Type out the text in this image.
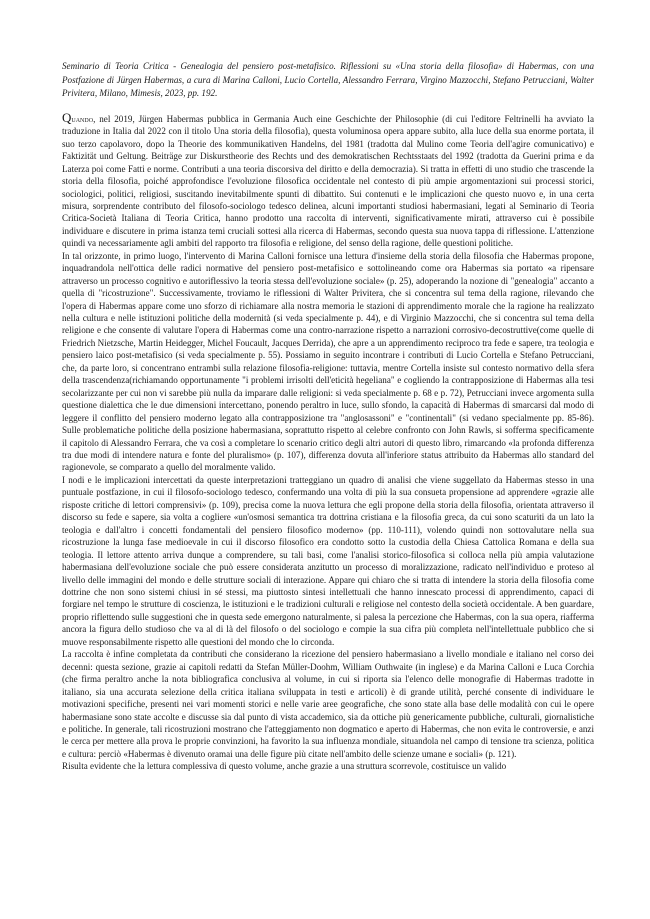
Seminario di Teoria Critica - Genealogia del pensiero post-metafisico. Riflessioni su «Una storia della filosofia» di Habermas, con una Postfazione di Jürgen Habermas, a cura di Marina Calloni, Lucio Cortella, Alessandro Ferrara, Virgino Mazzocchi, Stefano Petrucciani, Walter Privitera, Milano, Mimesis, 2023, pp. 192.

Quando, nel 2019, Jürgen Habermas pubblica in Germania Auch eine Geschichte der Philosophie (di cui l'editore Feltrinelli ha avviato la traduzione in Italia dal 2022 con il titolo Una storia della filosofia), questa voluminosa opera appare subito, alla luce della sua enorme portata, il suo terzo capolavoro, dopo la Theorie des kommunikativen Handelns, del 1981 (tradotta dal Mulino come Teoria dell'agire comunicativo) e Faktizität und Geltung. Beiträge zur Diskurstheorie des Rechts und des demokratischen Rechtsstaats del 1992 (tradotta da Guerini prima e da Laterza poi come Fatti e norme. Contributi a una teoria discorsiva del diritto e della democrazia). Si tratta in effetti di uno studio che trascende la storia della filosofia, poiché approfondisce l'evoluzione filosofica occidentale nel contesto di più ampie argomentazioni sui processi storici, sociologici, politici, religiosi, suscitando inevitabilmente spunti di dibattito. Sui contenuti e le implicazioni che questo nuovo e, in una certa misura, sorprendente contributo del filosofo-sociologo tedesco delinea, alcuni importanti studiosi habermasiani, legati al Seminario di Teoria Critica-Società Italiana di Teoria Critica, hanno prodotto una raccolta di interventi, significativamente mirati, attraverso cui è possibile individuare e discutere in prima istanza temi cruciali sottesi alla ricerca di Habermas, secondo questa sua nuova tappa di riflessione. L'attenzione quindi va necessariamente agli ambiti del rapporto tra filosofia e religione, del senso della ragione, delle questioni politiche.

In tal orizzonte, in primo luogo, l'intervento di Marina Calloni fornisce una lettura d'insieme della storia della filosofia che Habermas propone, inquadrandola nell'ottica delle radici normative del pensiero post-metafisico e sottolineando come ora Habermas sia portato «a ripensare attraverso un processo cognitivo e autoriflessivo la teoria stessa dell'evoluzione sociale» (p. 25), adoperando la nozione di "genealogia" accanto a quella di "ricostruzione". Successivamente, troviamo le riflessioni di Walter Privitera, che si concentra sul tema della ragione, rilevando che l'opera di Habermas appare come uno sforzo di richiamare alla nostra memoria le stazioni di apprendimento morale che la ragione ha realizzato nella cultura e nelle istituzioni politiche della modernità (si veda specialmente p. 44), e di Virginio Mazzocchi, che si concentra sul tema della religione e che consente di valutare l'opera di Habermas come una contro-narrazione rispetto a narrazioni corrosivo-decostruttive(come quelle di Friedrich Nietzsche, Martin Heidegger, Michel Foucault, Jacques Derrida), che apre a un apprendimento reciproco tra fede e sapere, tra teologia e pensiero laico post-metafisico (si veda specialmente p. 55). Possiamo in seguito incontrare i contributi di Lucio Cortella e Stefano Petrucciani, che, da parte loro, si concentrano entrambi sulla relazione filosofia-religione: tuttavia, mentre Cortella insiste sul contesto normativo della sfera della trascendenza(richiamando opportunamente "i problemi irrisolti dell'eticità hegeliana" e cogliendo la contrapposizione di Habermas alla tesi secolarizzante per cui non vi sarebbe più nulla da imparare dalle religioni: si veda specialmente p. 68 e p. 72), Petrucciani invece argomenta sulla questione dialettica che le due dimensioni intercettano, ponendo peraltro in luce, sullo sfondo, la capacità di Habermas di smarcarsi dal modo di leggere il conflitto del pensiero moderno legato alla contrapposizione tra "anglosassoni" e "continentali" (si vedano specialmente pp. 85-86). Sulle problematiche politiche della posizione habermasiana, soprattutto rispetto al celebre confronto con John Rawls, si sofferma specificamente il capitolo di Alessandro Ferrara, che va così a completare lo scenario critico degli altri autori di questo libro, rimarcando «la profonda differenza tra due modi di intendere natura e fonte del pluralismo» (p. 107), differenza dovuta all'inferiore status attribuito da Habermas allo standard del ragionevole, se comparato a quello del moralmente valido.

I nodi e le implicazioni intercettati da queste interpretazioni tratteggiano un quadro di analisi che viene suggellato da Habermas stesso in una puntuale postfazione, in cui il filosofo-sociologo tedesco, confermando una volta di più la sua consueta propensione ad apprendere «grazie alle risposte critiche di lettori comprensivi» (p. 109), precisa come la nuova lettura che egli propone della storia della filosofia, orientata attraverso il discorso su fede e sapere, sia volta a cogliere «un'osmosi semantica tra dottrina cristiana e la filosofia greca, da cui sono scaturiti da un lato la teologia e dall'altro i concetti fondamentali del pensiero filosofico moderno» (pp. 110-111), volendo quindi non sottovalutare nella sua ricostruzione la lunga fase medioevale in cui il discorso filosofico era condotto sotto la custodia della Chiesa Cattolica Romana e della sua teologia. Il lettore attento arriva dunque a comprendere, su tali basi, come l'analisi storico-filosofica si colloca nella più ampia valutazione habermasiana dell'evoluzione sociale che può essere considerata anzitutto un processo di moralizzazione, radicato nell'individuo e proteso al livello delle immagini del mondo e delle strutture sociali di interazione. Appare qui chiaro che si tratta di intendere la storia della filosofia come dottrine che non sono sistemi chiusi in sé stessi, ma piuttosto sintesi intellettuali che hanno innescato processi di apprendimento, capaci di forgiare nel tempo le strutture di coscienza, le istituzioni e le tradizioni culturali e religiose nel contesto della società occidentale. A ben guardare, proprio riflettendo sulle suggestioni che in questa sede emergono naturalmente, si palesa la percezione che Habermas, con la sua opera, riafferma ancora la figura dello studioso che va al di là del filosofo o del sociologo e compie la sua cifra più completa nell'intellettuale pubblico che si muove responsabilmente rispetto alle questioni del mondo che lo circonda.

La raccolta è infine completata da contributi che considerano la ricezione del pensiero habermasiano a livello mondiale e italiano nel corso dei decenni: questa sezione, grazie ai capitoli redatti da Stefan Müller-Doohm, William Outhwaite (in inglese) e da Marina Calloni e Luca Corchia (che firma peraltro anche la nota bibliografica conclusiva al volume, in cui si riporta sia l'elenco delle monografie di Habermas tradotte in italiano, sia una accurata selezione della critica italiana sviluppata in testi e articoli) è di grande utilità, perché consente di individuare le motivazioni specifiche, presenti nei vari momenti storici e nelle varie aree geografiche, che sono state alla base delle modalità con cui le opere habermasiane sono state accolte e discusse sia dal punto di vista accademico, sia da ottiche più genericamente pubbliche, culturali, giornalistiche e politiche. In generale, tali ricostruzioni mostrano che l'atteggiamento non dogmatico e aperto di Habermas, che non evita le controversie, e anzi le cerca per mettere alla prova le proprie convinzioni, ha favorito la sua influenza mondiale, situandola nel campo di tensione tra scienza, politica e cultura: perciò «Habermas è divenuto oramai una delle figure più citate nell'ambito delle scienze umane e sociali» (p. 121).

Risulta evidente che la lettura complessiva di questo volume, anche grazie a una struttura scorrevole, costituisce un valido
